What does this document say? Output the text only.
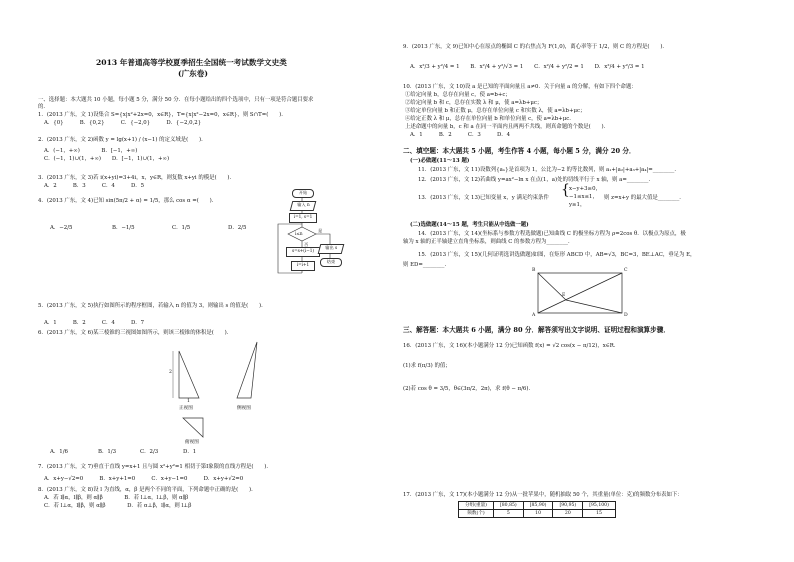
2013 年普通高等学校夏季招生全国统一考试数学文史类
(广东卷)
一、选择题：本大题共 10 小题，每小题 5 分，满分 50 分．在每小题给出的四个选项中，只有一项是符合题目要求
的．
1．(2013 广东，文 1)设集合 S={x|x²+2x=0，x∈R}，T={x|x²−2x=0，x∈R}，则 S∩T=(　　)．
A．{0}　　　B．{0,2}　　　C．{−2,0}　　　D．{−2,0,2}
2．(2013 广东，文 2)函数 y = lg(x+1) / (x−1) 的定义域是(　　)．
A．(−1，+∞)　　　　B．[−1，+∞)
C．(−1，1)∪(1，+∞)　　D．[−1，1)∪(1，+∞)
3．(2013 广东，文 3)若 i(x+yi)=3+4i，x，y∈R，则复数 x+yi 的模是(　　)．
A．2　　　B．3　　　C．4　　　D．5
4．(2013 广东，文 4)已知 sin(5π/2 + α) = 1/5，那么 cos α =(　　)．
A．−2/5	B．−1/5	C．1/5	D．2/5
开始
输入 n
i=1, s=1
i≤n
是
否
s=s+(i−1)
i=i+1
输出 s
结束
5．(2013 广东，文 5)执行如图所示的程序框图，若输入 n 的值为 3，则输出 s 的值是(　　)．
A．1　　　B．2　　　C．4　　　D．7
6．(2013 广东，文 6)某三棱锥的三视图如图所示，则该三棱锥的体积是(　　)．
2
1
正视图	侧视图
俯视图
A．1/6	B．1/3	C．2/3	D．1
7．(2013 广东，文 7)垂直于直线 y=x+1 且与圆 x²+y²=1 相切于第Ⅰ象限的直线方程是(　　)．
A．x+y−√2=0　　　B．x+y+1=0　　　C．x+y−1=0　　　D．x+y+√2=0
8．(2013 广东，文 8)设 l 为直线，α，β 是两个不同的平面，下列命题中正确的是(　　)．
A．若 l∥α，l∥β，则 α∥β　　　　B．若 l⊥α，l⊥β，则 α∥β
C．若 l⊥α，l∥β，则 α∥β　　　　D．若 α⊥β，l∥α，则 l⊥β
9．(2013 广东，文 9)已知中心在原点的椭圆 C 的右焦点为 F(1,0)，离心率等于 1/2，则 C 的方程是(　　)．
A．x²/3 + y²/4 = 1　　B．x²/4 + y²/√3 = 1　　C．x²/4 + y²/2 = 1　　D．x²/4 + y²/3 = 1
10．(2013 广东，文 10)设 a 是已知的平面向量且 a≠0．关于向量 a 的分解，有如下四个命题：
①给定向量 b，总存在向量 c，使 a=b+c；
②给定向量 b 和 c，总存在实数 λ 和 μ，使 a=λb+μc；
③给定单位向量 b 和正数 μ，总存在单位向量 c 和实数 λ，使 a=λb+μc；
④给定正数 λ 和 μ，总存在单位向量 b 和单位向量 c，使 a=λb+μc．
上述命题中的向量 b，c 和 a 在同一平面内且两两不共线，则真命题的个数是(　　)．
A．1　　　B．2　　　C．3　　　D．4
二、填空题：本大题共 5 小题，考生作答 4 小题，每小题 5 分，满分 20 分．
(一)必做题(11～13 题)
11．(2013 广东，文 11)设数列{aₙ}是首项为 1，公比为−2 的等比数列，则 a₁+|a₂|+a₃+|a₄|=________．
12．(2013 广东，文 12)若曲线 y=ax²−ln x 在点(1，a)处的切线平行于 x 轴，则 a=________．
13．(2013 广东，文 13)已知变量 x，y 满足约束条件 { x−y+3≥0，
−1≤x≤1，
y≥1，
则 z=x+y 的最大值是________．
(二)选做题(14～15 题，考生只能从中选做一题)
14．(2013 广东，文 14)(坐标系与参数方程选做题)已知曲线 C 的极坐标方程为 ρ=2cos θ．以极点为原点，极
轴为 x 轴的正半轴建立直角坐标系，则曲线 C 的参数方程为________．
15．(2013 广东，文 15)(几何证明选讲选做题)如图，在矩形 ABCD 中，AB=√3，BC=3，BE⊥AC，垂足为 E，
则 ED=________．
B	C
A	D
E
三、解答题：本大题共 6 小题，满分 80 分．解答须写出文字说明、证明过程和演算步骤．
16．(2013 广东，文 16)(本小题满分 12 分)已知函数 f(x) = √2 cos(x − π/12)，x∈R．
(1)求 f(π/3) 的值；
(2)若 cos θ = 3/5，θ∈(3π/2，2π)，求 f(θ − π/6)．
17．(2013 广东，文 17)(本小题满分 12 分)从一批苹果中，随机抽取 50 个，其重量(单位：克)的频数分布表如下：
分组(重量)	[80,85)	[85,90)	[90,95)	[95,100)
频数(个)	5	10	20	15
